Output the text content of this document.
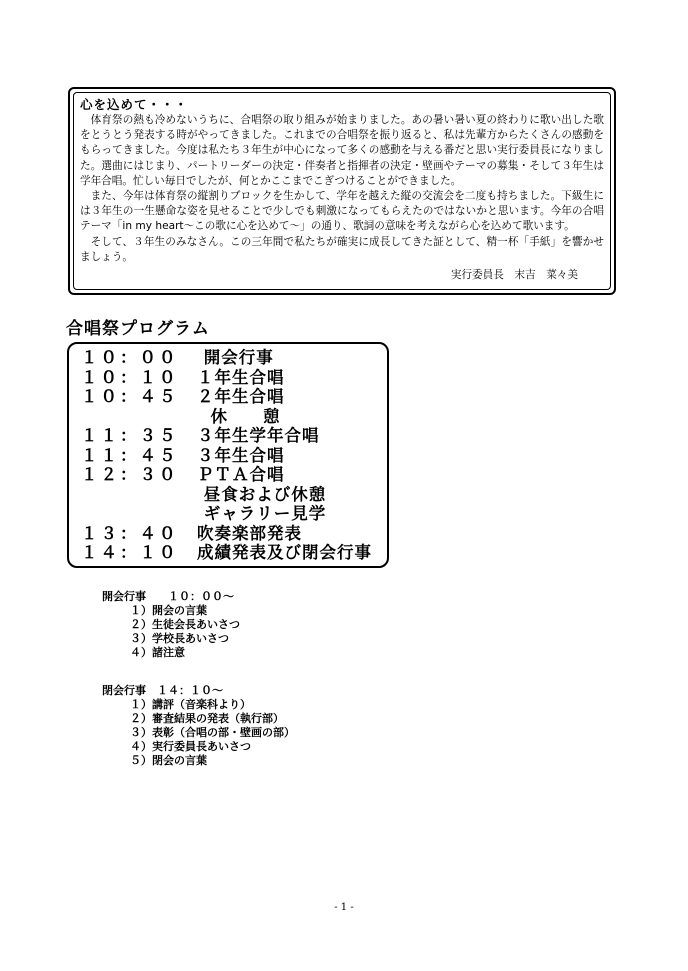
心を込めて・・・

体育祭の熱も冷めないうちに、合唱祭の取り組みが始まりました。あの暑い暑い夏の終わりに歌い出した歌をとうとう発表する時がやってきました。これまでの合唱祭を振り返ると、私は先輩方からたくさんの感動をもらってきました。今度は私たち３年生が中心になって多くの感動を与える番だと思い実行委員長になりました。選曲にはじまり、パートリーダーの決定・伴奏者と指揮者の決定・壁画やテーマの募集・そして３年生は学年合唱。忙しい毎日でしたが、何とかここまでこぎつけることができました。

また、今年は体育祭の縦割りブロックを生かして、学年を越えた縦の交流会を二度も持ちました。下級生には３年生の一生懸命な姿を見せることで少しでも刺激になってもらえたのではないかと思います。今年の合唱テーマ「in my heart～この歌に心を込めて～」の通り、歌詞の意味を考えながら心を込めて歌います。

そして、３年生のみなさん。この三年間で私たちが確実に成長してきた証として、精一杯「手紙」を響かせましょう。

実行委員長　末吉　菜々美
合唱祭プログラム
１０：００ 開会行事
１０：１０ １年生合唱
１０：４５ ２年生合唱
休　　憩
１１：３５ ３年生学年合唱
１１：４５ ３年生合唱
１２：３０ ＰＴＡ合唱
昼食および休憩
ギャラリー見学
１３：４０ 吹奏楽部発表
１４：１０ 成績発表及び閉会行事
開会行事　　１０：００～
１）開会の言葉
２）生徒会長あいさつ
３）学校長あいさつ
４）諸注意
閉会行事　１４：１０～
１）講評（音楽科より）
２）審査結果の発表（執行部）
３）表彰（合唱の部・壁画の部）
４）実行委員長あいさつ
５）閉会の言葉
- 1 -
